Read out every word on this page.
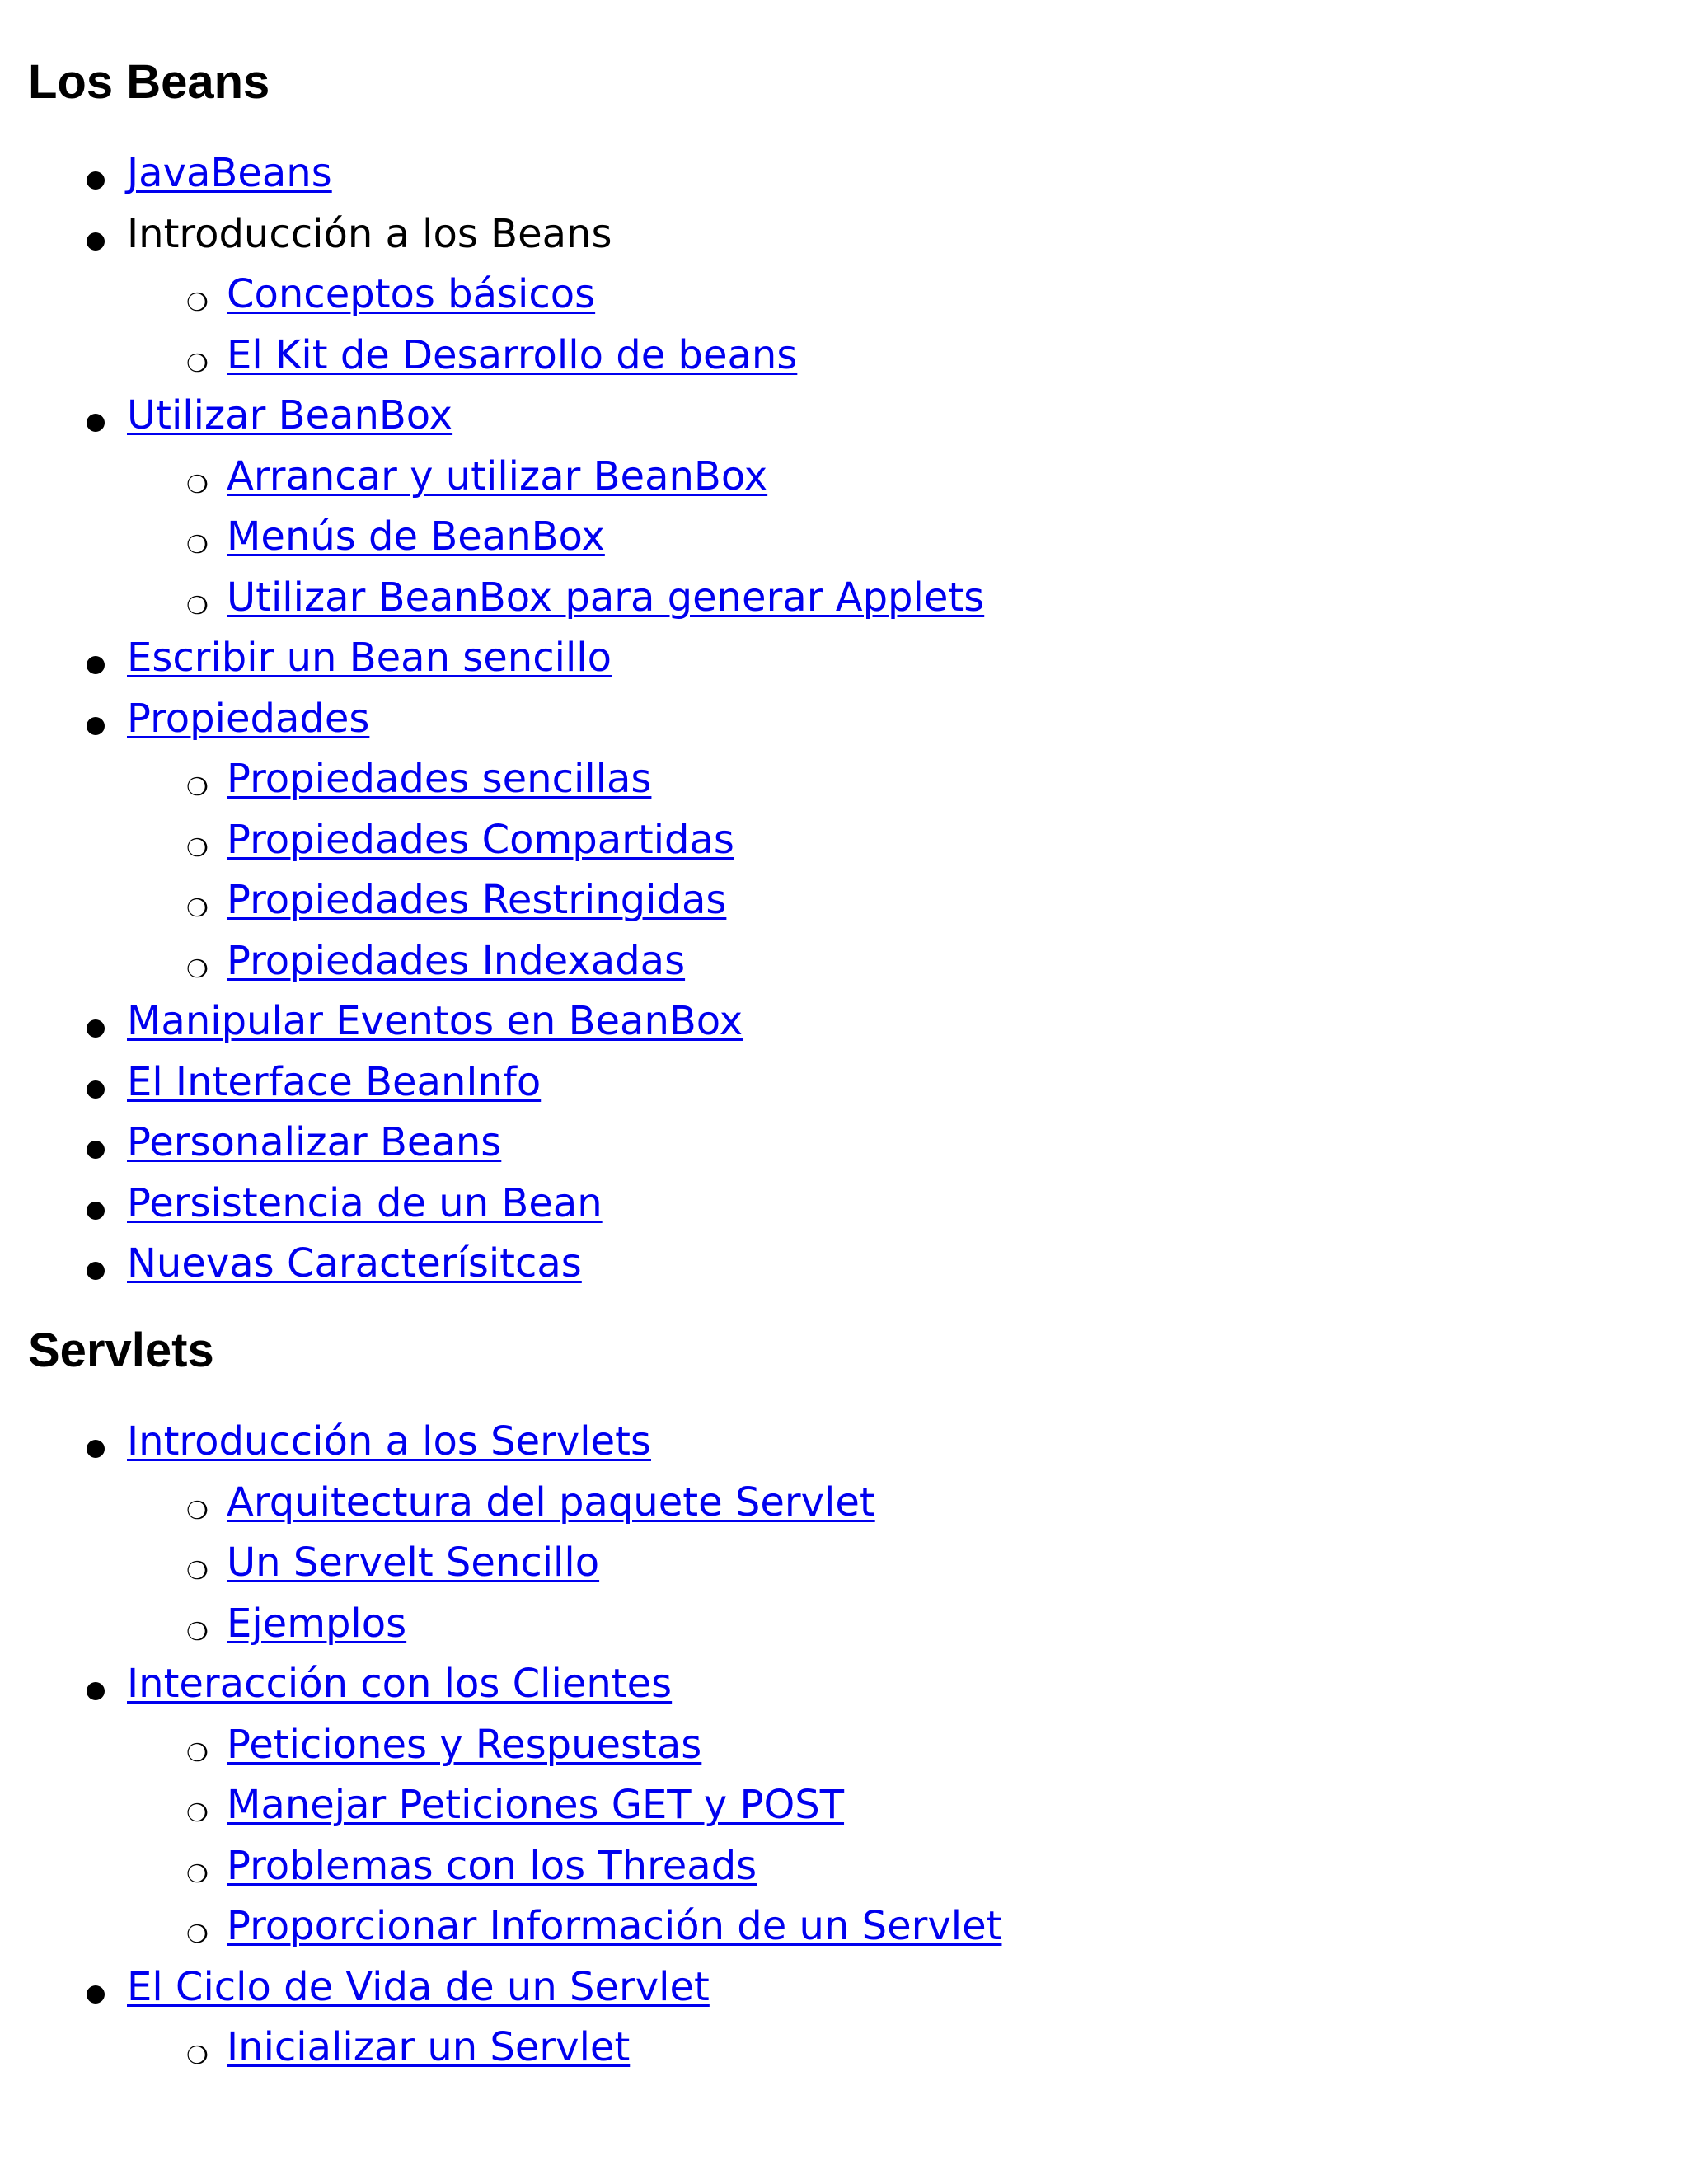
Los Beans
JavaBeans
Introducción a los Beans
❍ Conceptos básicos
❍ El Kit de Desarrollo de beans
Utilizar BeanBox
❍ Arrancar y utilizar BeanBox
❍ Menús de BeanBox
❍ Utilizar BeanBox para generar Applets
Escribir un Bean sencillo
Propiedades
❍ Propiedades sencillas
❍ Propiedades Compartidas
❍ Propiedades Restringidas
❍ Propiedades Indexadas
Manipular Eventos en BeanBox
El Interface BeanInfo
Personalizar Beans
Persistencia de un Bean
Nuevas Caracterísitcas
Servlets
Introducción a los Servlets
❍ Arquitectura del paquete Servlet
❍ Un Servelt Sencillo
❍ Ejemplos
Interacción con los Clientes
❍ Peticiones y Respuestas
❍ Manejar Peticiones GET y POST
❍ Problemas con los Threads
❍ Proporcionar Información de un Servlet
El Ciclo de Vida de un Servlet
❍ Inicializar un Servlet
